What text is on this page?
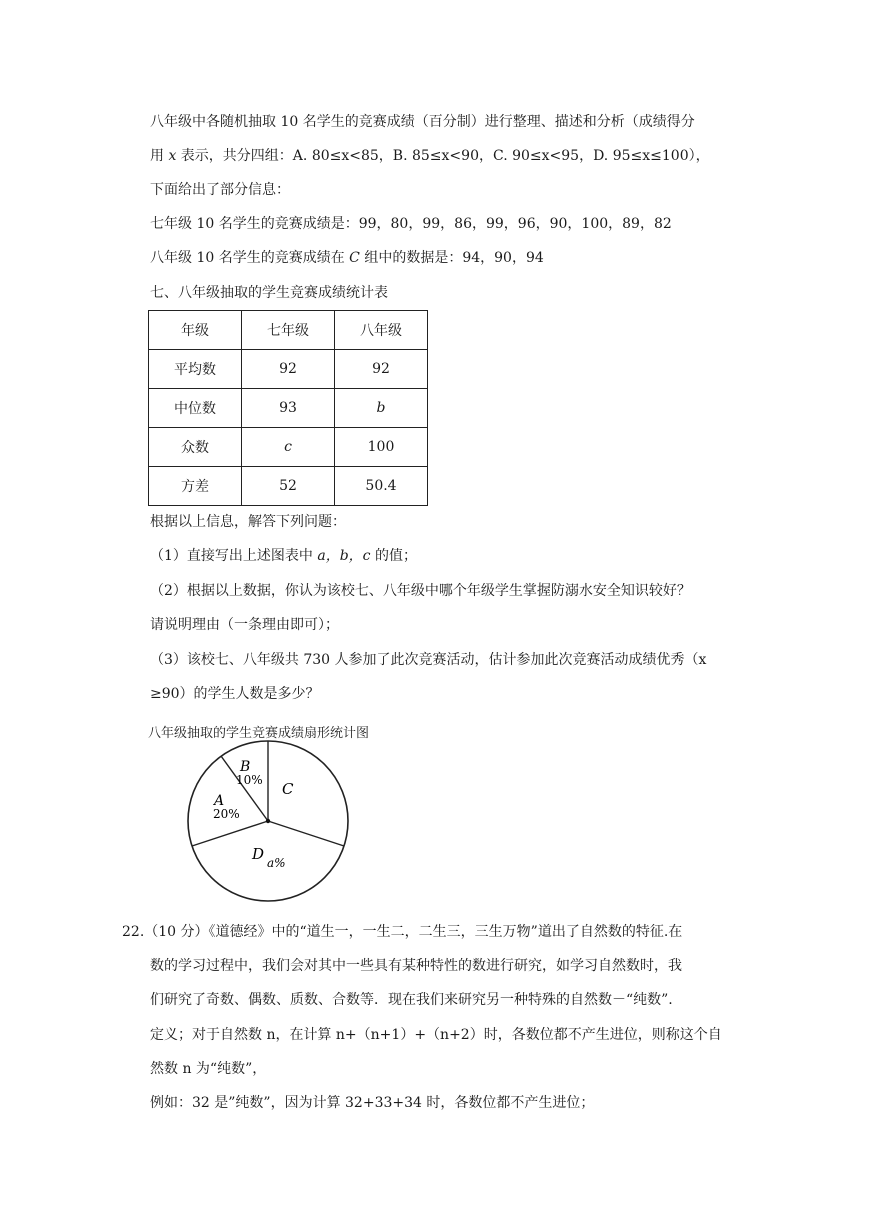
八年级中各随机抽取 10 名学生的竞赛成绩（百分制）进行整理、描述和分析（成绩得分
用 x 表示，共分四组：A. 80≤x<85，B. 85≤x<90，C. 90≤x<95，D. 95≤x≤100），
下面给出了部分信息：
七年级 10 名学生的竞赛成绩是：99，80，99，86，99，96，90，100，89，82
八年级 10 名学生的竞赛成绩在 C 组中的数据是：94，90，94
七、八年级抽取的学生竞赛成绩统计表
年级	七年级	八年级
平均数	92	92
中位数	93	b
众数	c	100
方差	52	50.4
根据以上信息，解答下列问题：
（1）直接写出上述图表中 a，b，c 的值；
（2）根据以上数据，你认为该校七、八年级中哪个年级学生掌握防溺水安全知识较好？
请说明理由（一条理由即可）；
（3）该校七、八年级共 730 人参加了此次竞赛活动，估计参加此次竞赛活动成绩优秀（x
≥90）的学生人数是多少？
八年级抽取的学生竞赛成绩扇形统计图
A
20%
B
10% C
D a%
22.（10 分）《道德经》中的“道生一，一生二，二生三，三生万物”道出了自然数的特征.在
数的学习过程中，我们会对其中一些具有某种特性的数进行研究，如学习自然数时，我
们研究了奇数、偶数、质数、合数等．现在我们来研究另一种特殊的自然数－“纯数”.
定义；对于自然数 n，在计算 n+（n+1）+（n+2）时，各数位都不产生进位，则称这个自
然数 n 为“纯数”，
例如：32 是”纯数”，因为计算 32+33+34 时，各数位都不产生进位；
